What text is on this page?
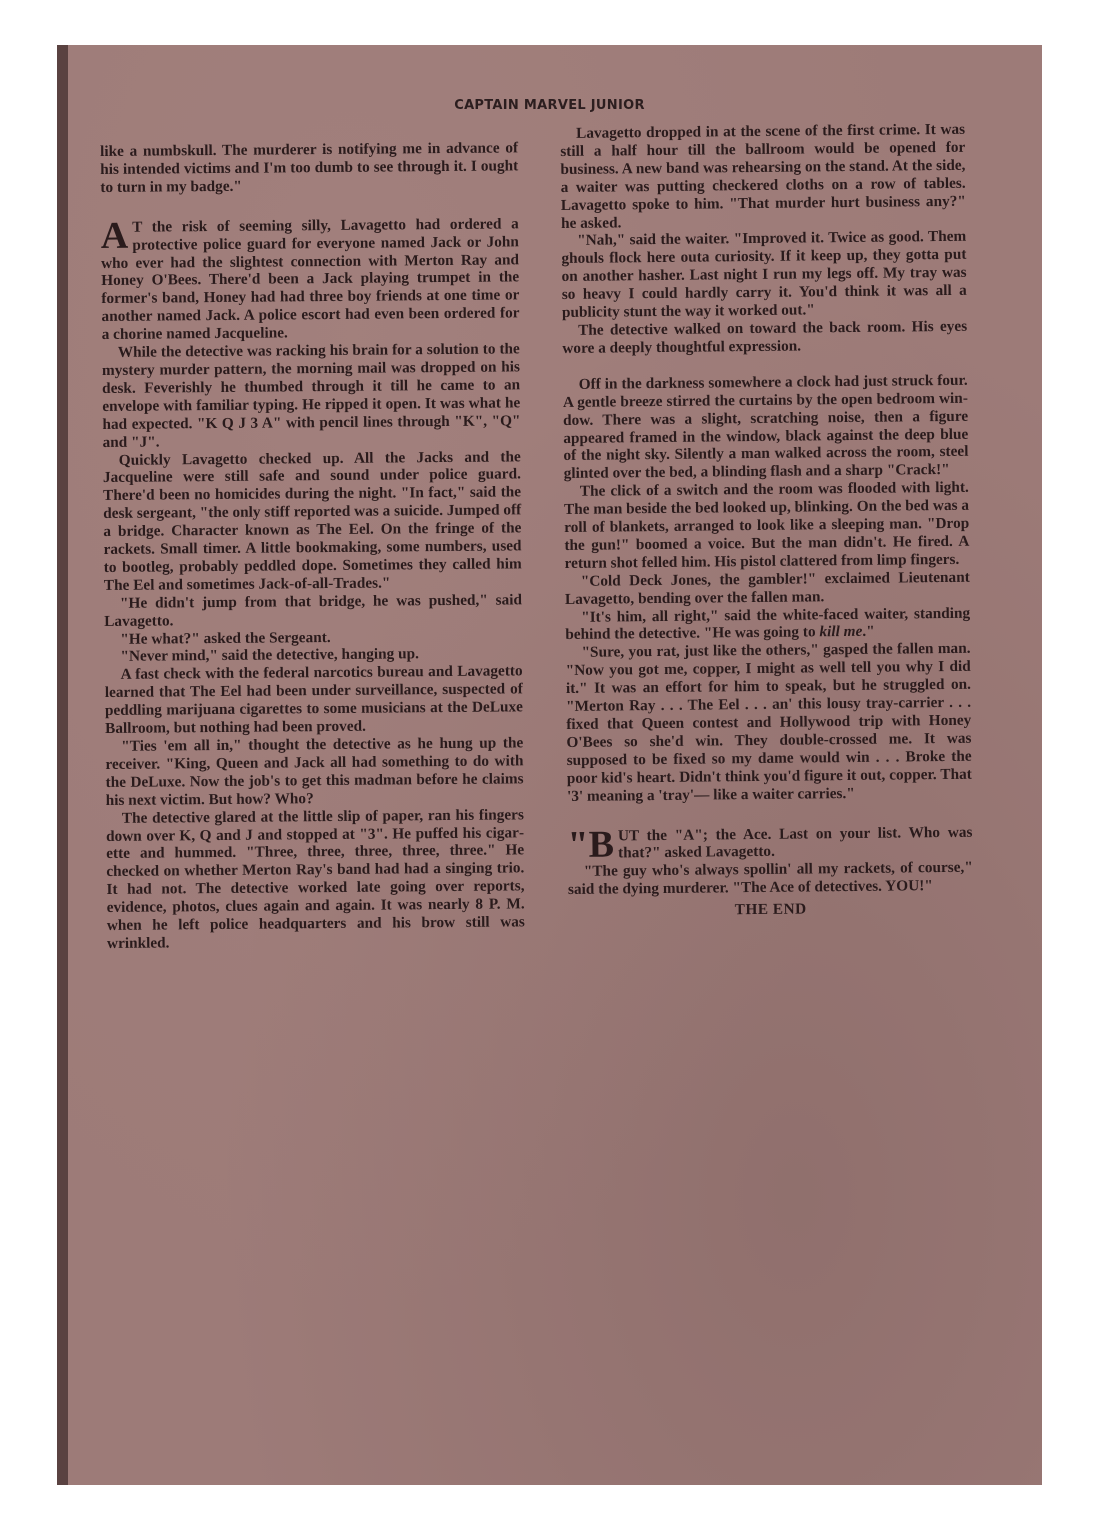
CAPTAIN MARVEL JUNIOR

like a numbskull. The murderer is notifying me in advance of his intended victims and I'm too dumb to see through it. I ought to turn in my badge."

A T the risk of seeming silly, Lavagetto had ordered a protective police guard for everyone named Jack or John who ever had the slightest connection with Merton Ray and Honey O'Bees. There'd been a Jack playing trumpet in the former's band, Honey had had three boy friends at one time or another named Jack. A police escort had even been ordered for a chorine named Jacqueline.

While the detective was racking his brain for a solution to the mystery murder pattern, the morning mail was dropped on his desk. Feverishly he thumbed through it till he came to an envelope with familiar typing. He ripped it open. It was what he had expected. "K Q J 3 A" with pencil lines through "K", "Q" and "J".

Quickly Lavagetto checked up. All the Jacks and the Jacqueline were still safe and sound under police guard. There'd been no homicides during the night. "In fact," said the desk sergeant, "the only stiff reported was a suicide. Jumped off a bridge. Character known as The Eel. On the fringe of the rackets. Small timer. A little bookmaking, some numbers, used to bootleg, probably peddled dope. Sometimes they called him The Eel and sometimes Jack-of-all-Trades."

"He didn't jump from that bridge, he was pushed," said Lavagetto.

"He what?" asked the Sergeant.

"Never mind," said the detective, hanging up.

A fast check with the federal narcotics bureau and Lavagetto learned that The Eel had been under surveillance, suspected of peddling marijuana cigarettes to some musicians at the DeLuxe Ballroom, but nothing had been proved.

"Ties 'em all in," thought the detective as he hung up the receiver. "King, Queen and Jack all had something to do with the DeLuxe. Now the job's to get this madman before he claims his next victim. But how? Who?

The detective glared at the little slip of paper, ran his fingers down over K, Q and J and stopped at "3". He puffed his cigarette and hummed. "Three, three, three, three, three." He checked on whether Merton Ray's band had had a singing trio. It had not. The detective worked late going over reports, evidence, photos, clues again and again. It was nearly 8 P. M. when he left police headquarters and his brow still was wrinkled.

Lavagetto dropped in at the scene of the first crime. It was still a half hour till the ballroom would be opened for business. A new band was rehearsing on the stand. At the side, a waiter was putting checkered cloths on a row of tables. Lavagetto spoke to him. "That murder hurt business any?" he asked.

"Nah," said the waiter. "Improved it. Twice as good. Them ghouls flock here outa curiosity. If it keep up, they gotta put on another hasher. Last night I run my legs off. My tray was so heavy I could hardly carry it. You'd think it was all a publicity stunt the way it worked out."

The detective walked on toward the back room. His eyes wore a deeply thoughtful expression.

Off in the darkness somewhere a clock had just struck four. A gentle breeze stirred the curtains by the open bedroom window. There was a slight, scratching noise, then a figure appeared framed in the window, black against the deep blue of the night sky. Silently a man walked across the room, steel glinted over the bed, a blinding flash and a sharp "Crack!"

The click of a switch and the room was flooded with light. The man beside the bed looked up, blinking. On the bed was a roll of blankets, arranged to look like a sleeping man. "Drop the gun!" boomed a voice. But the man didn't. He fired. A return shot felled him. His pistol clattered from limp fingers.

"Cold Deck Jones, the gambler!" exclaimed Lieutenant Lavagetto, bending over the fallen man.

"It's him, all right," said the white-faced waiter, standing behind the detective. "He was going to kill me."

"Sure, you rat, just like the others," gasped the fallen man. "Now you got me, copper, I might as well tell you why I did it." It was an effort for him to speak, but he struggled on. "Merton Ray . . . The Eel . . . an' this lousy tray-carrier . . . fixed that Queen contest and Hollywood trip with Honey O'Bees so she'd win. They double-crossed me. It was supposed to be fixed so my dame would win . . . Broke the poor kid's heart. Didn't think you'd figure it out, copper. That '3' meaning a 'tray'— like a waiter carries."

"BUT the "A"; the Ace. Last on your list. Who was that?" asked Lavagetto.

"The guy who's always spollin' all my rackets, of course," said the dying murderer. "The Ace of detectives. YOU!"

THE END
